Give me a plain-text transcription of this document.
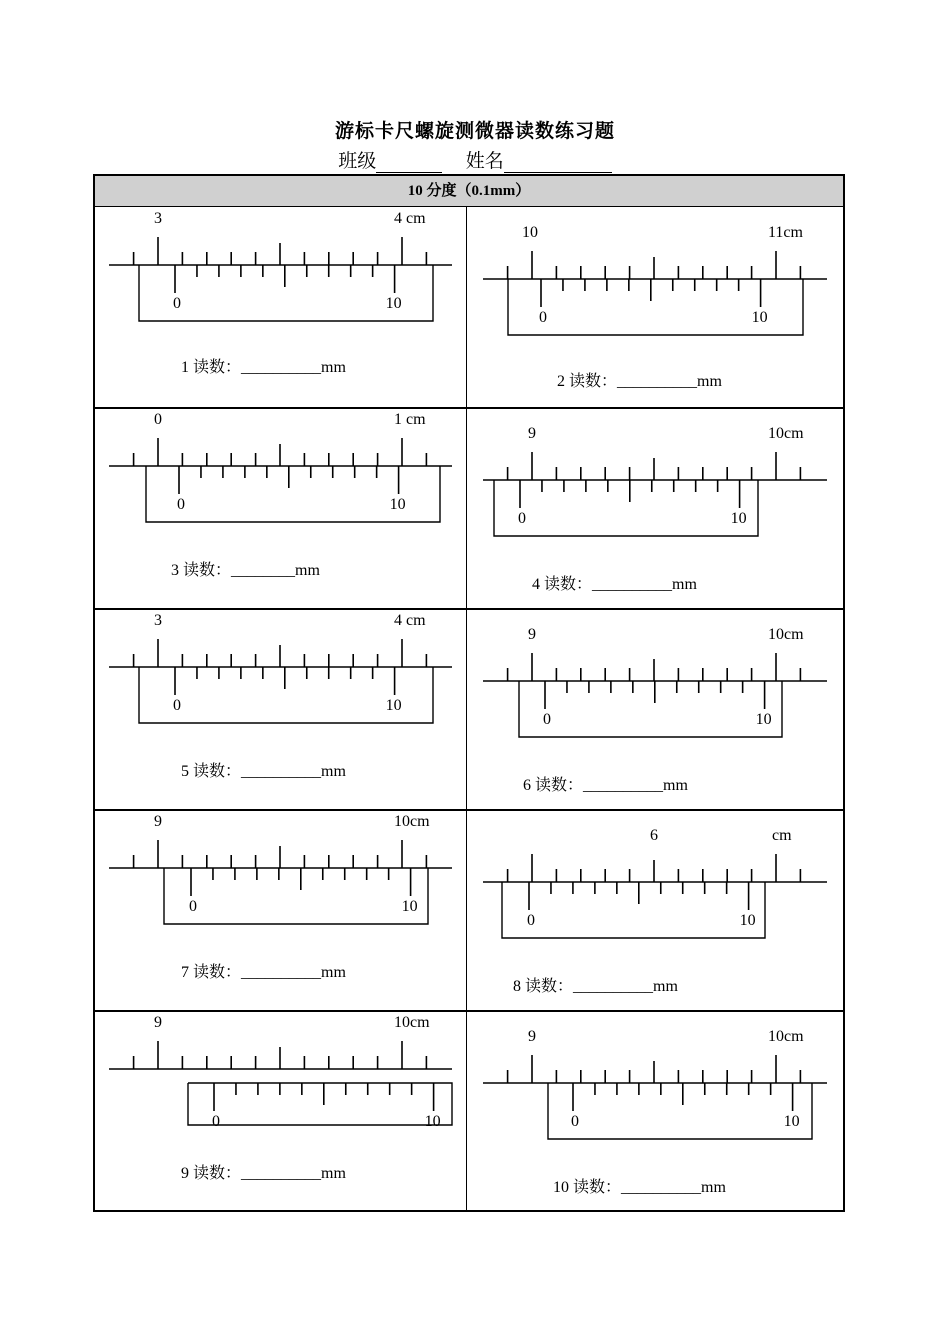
游标卡尺螺旋测微器读数练习题
班级	姓名
10 分度（0.1mm）
3	4 cm
0	10
1 读数：__________mm
10	11cm
0	10
2 读数：__________mm
0	1 cm
0	10
3 读数：________mm
9	10cm
0	10
4 读数：__________mm
3	4 cm
0	10
5 读数：__________mm
9	10cm
0	10
6 读数：__________mm
9	10cm
0	10
7 读数：__________mm
6	cm
0	10
8 读数：__________mm
9	10cm
0	10
9 读数：__________mm
9	10cm
0	10
10 读数：__________mm
